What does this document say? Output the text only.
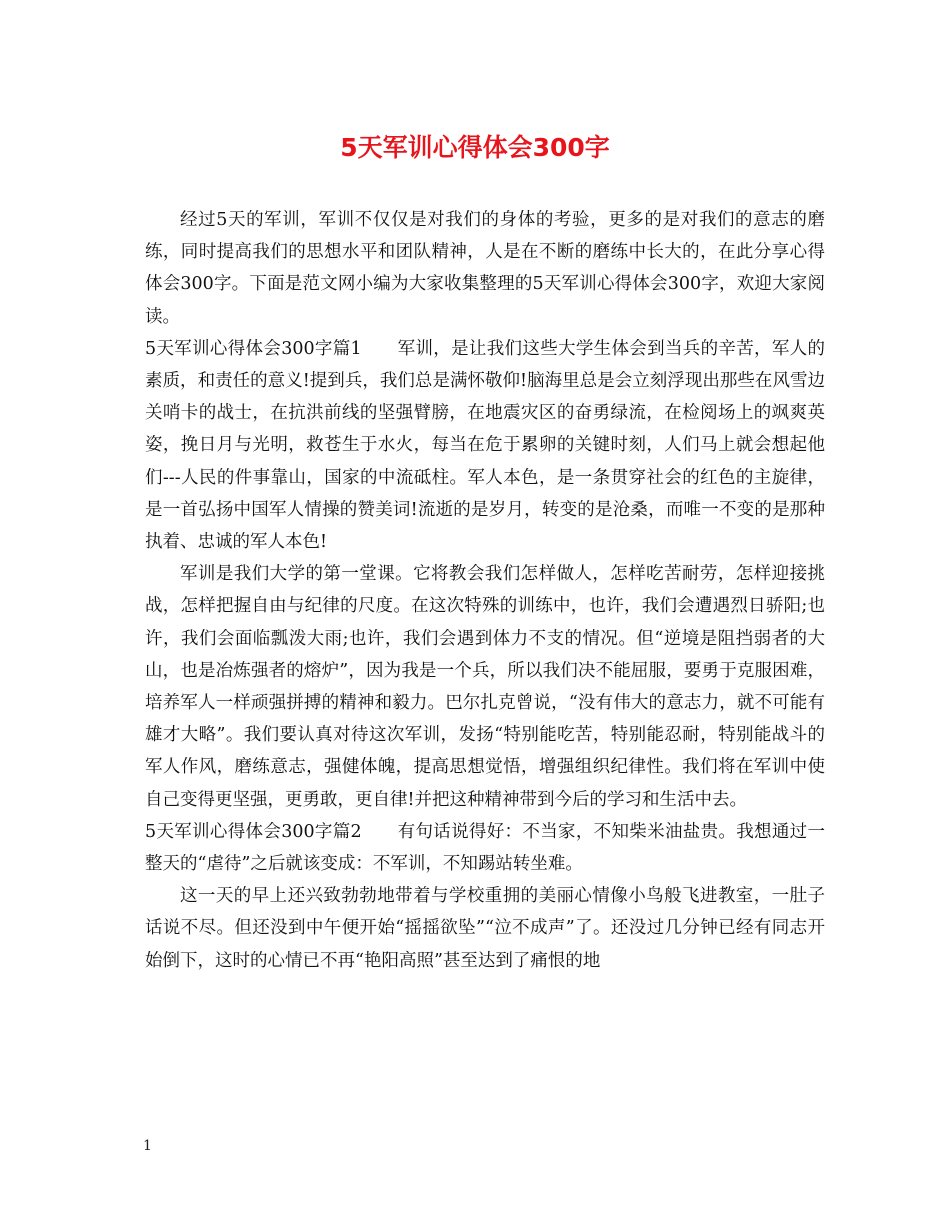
5天军训心得体会300字

经过5天的军训，军训不仅仅是对我们的身体的考验，更多的是对我们的意志的磨练，同时提高我们的思想水平和团队精神，人是在不断的磨练中长大的，在此分享心得体会300字。下面是范文网小编为大家收集整理的5天军训心得体会300字，欢迎大家阅读。

5天军训心得体会300字篇1　　军训，是让我们这些大学生体会到当兵的辛苦，军人的素质，和责任的意义!提到兵，我们总是满怀敬仰!脑海里总是会立刻浮现出那些在风雪边关哨卡的战士，在抗洪前线的坚强臂膀，在地震灾区的奋勇绿流，在检阅场上的飒爽英姿，挽日月与光明，救苍生于水火，每当在危于累卵的关键时刻，人们马上就会想起他们---人民的件事靠山，国家的中流砥柱。军人本色，是一条贯穿社会的红色的主旋律，是一首弘扬中国军人情操的赞美词!流逝的是岁月，转变的是沧桑，而唯一不变的是那种执着、忠诚的军人本色!

军训是我们大学的第一堂课。它将教会我们怎样做人，怎样吃苦耐劳，怎样迎接挑战，怎样把握自由与纪律的尺度。在这次特殊的训练中，也许，我们会遭遇烈日骄阳;也许，我们会面临瓢泼大雨;也许，我们会遇到体力不支的情况。但“逆境是阻挡弱者的大山，也是冶炼强者的熔炉”，因为我是一个兵，所以我们决不能屈服，要勇于克服困难，培养军人一样顽强拼搏的精神和毅力。巴尔扎克曾说，“没有伟大的意志力，就不可能有雄才大略”。我们要认真对待这次军训，发扬“特别能吃苦，特别能忍耐，特别能战斗的军人作风，磨练意志，强健体魄，提高思想觉悟，增强组织纪律性。我们将在军训中使自己变得更坚强，更勇敢，更自律!并把这种精神带到今后的学习和生活中去。

5天军训心得体会300字篇2　　有句话说得好：不当家，不知柴米油盐贵。我想通过一整天的“虐待”之后就该变成：不军训，不知踢站转坐难。

这一天的早上还兴致勃勃地带着与学校重拥的美丽心情像小鸟般飞进教室，一肚子话说不尽。但还没到中午便开始“摇摇欲坠”“泣不成声”了。还没过几分钟已经有同志开始倒下，这时的心情已不再“艳阳高照”甚至达到了痛恨的地

1
